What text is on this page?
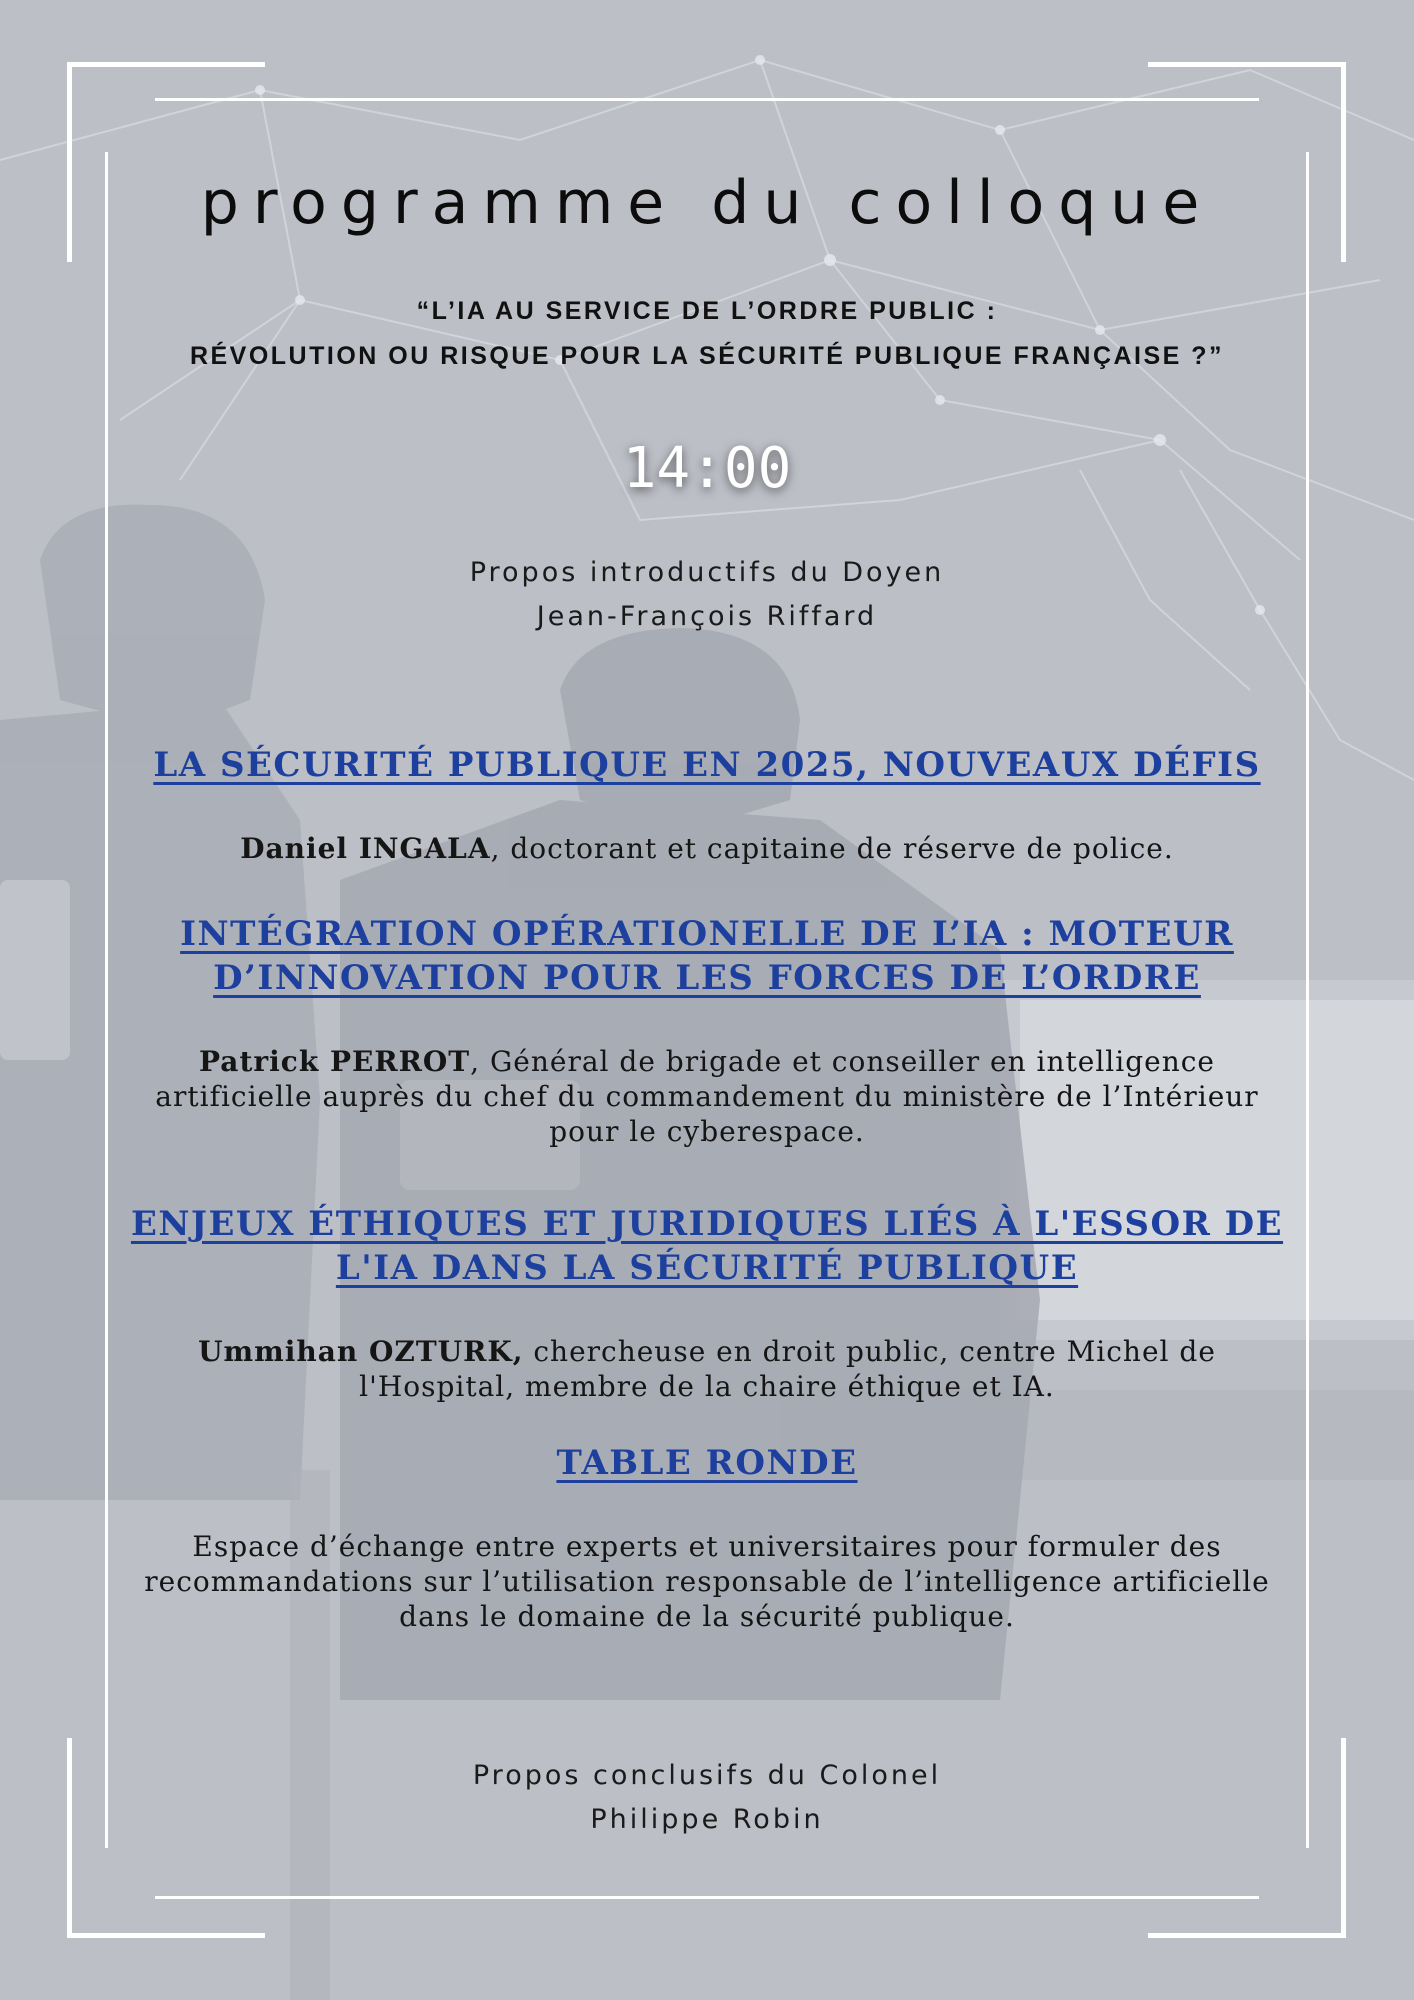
programme du colloque
“L’IA AU SERVICE DE L’ORDRE PUBLIC :
RÉVOLUTION OU RISQUE POUR LA SÉCURITÉ PUBLIQUE FRANÇAISE ?”
14:00
Propos introductifs du Doyen
Jean-François Riffard
LA SÉCURITÉ PUBLIQUE EN 2025, NOUVEAUX DÉFIS
Daniel INGALA, doctorant et capitaine de réserve de police.
INTÉGRATION OPÉRATIONELLE DE L’IA : MOTEUR
D’INNOVATION POUR LES FORCES DE L’ORDRE
Patrick PERROT, Général de brigade et conseiller en intelligence artificielle auprès du chef du commandement du ministère de l’Intérieur pour le cyberespace.
ENJEUX ÉTHIQUES ET JURIDIQUES LIÉS À L'ESSOR DE
L'IA DANS LA SÉCURITÉ PUBLIQUE
Ummihan OZTURK, chercheuse en droit public, centre Michel de l'Hospital, membre de la chaire éthique et IA.
TABLE RONDE
Espace d’échange entre experts et universitaires pour formuler des recommandations sur l’utilisation responsable de l’intelligence artificielle dans le domaine de la sécurité publique.
Propos conclusifs du Colonel
Philippe Robin
